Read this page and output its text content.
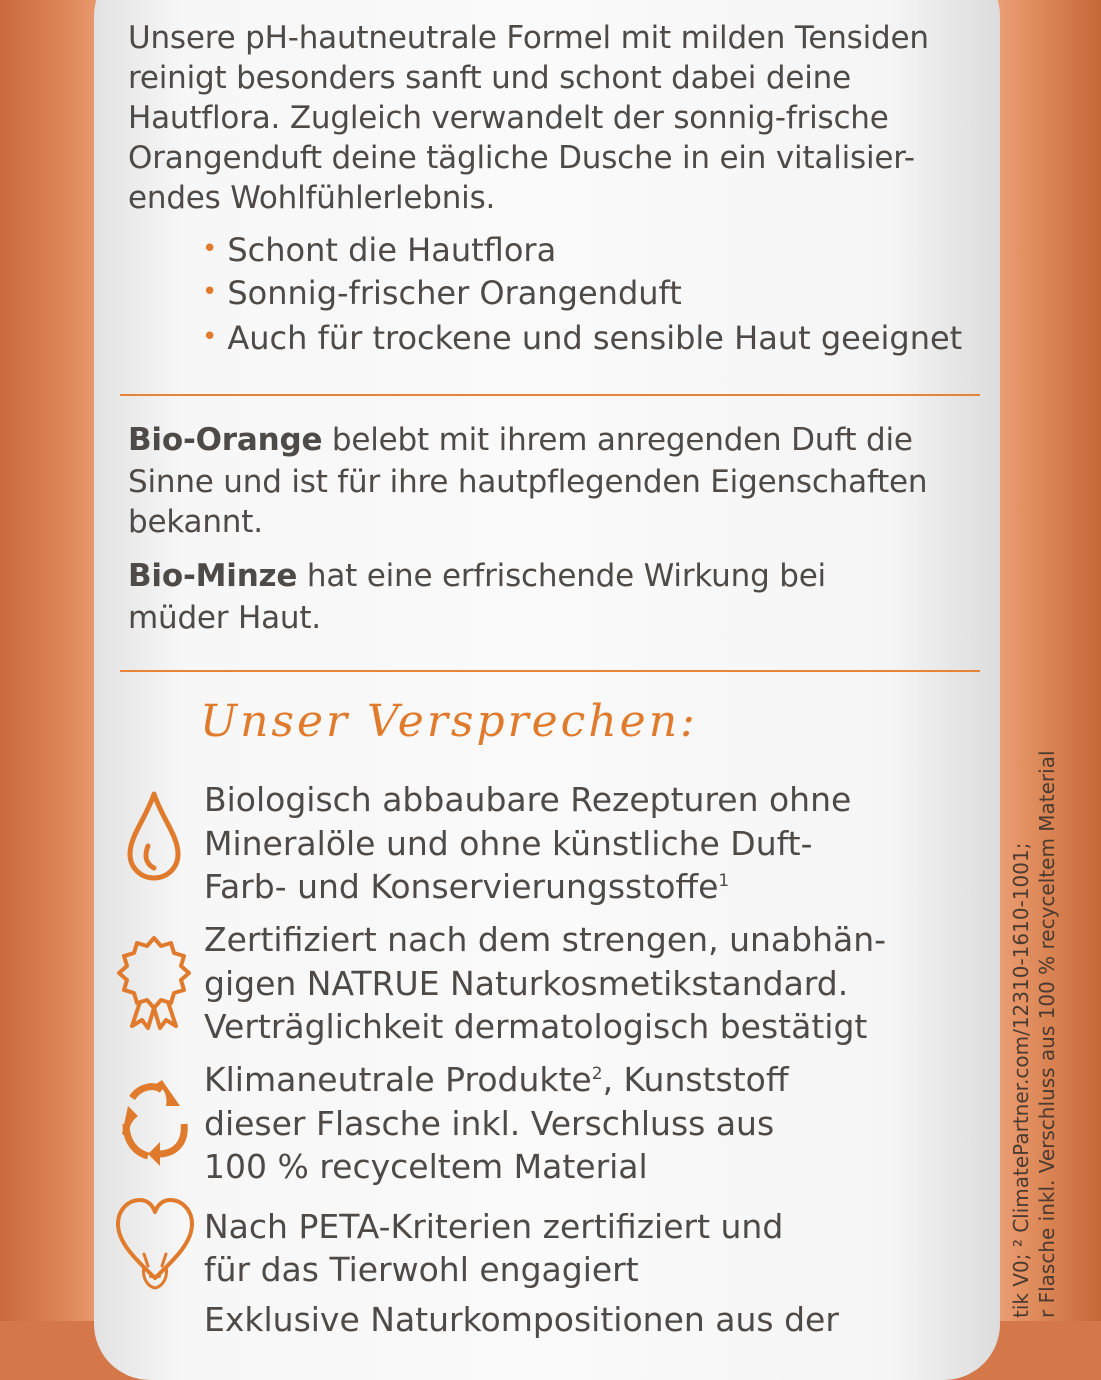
Unsere pH-hautneutrale Formel mit milden Tensiden

reinigt besonders sanft und schont dabei deine

Hautflora. Zugleich verwandelt der sonnig-frische

Orangenduft deine tägliche Dusche in ein vitalisier-

endes Wohlfühlerlebnis.

• Schont die Hautflora

• Sonnig-frischer Orangenduft

• Auch für trockene und sensible Haut geeignet

Bio-Orange belebt mit ihrem anregenden Duft die

Sinne und ist für ihre hautpflegenden Eigenschaften

bekannt.

Bio-Minze hat eine erfrischende Wirkung bei

müder Haut.

Unser Versprechen:

Biologisch abbaubare Rezepturen ohne

Mineralöle und ohne künstliche Duft-

Farb- und Konservierungsstoffe$^1$

Zertifiziert nach dem strengen, unabhän-

gigen NATRUE Naturkosmetikstandard.

Verträglichkeit dermatologisch bestätigt

Klimaneutrale Produkte$^2$, Kunststoff

dieser Flasche inkl. Verschluss aus

100 % recyceltem Material

Nach PETA-Kriterien zertifiziert und

für das Tierwohl engagiert

Exklusive Naturkompositionen aus der

tik V0; ² ClimatePartner.com/12310-1610-1001; r Flasche inkl. Verschluss aus 100 % recyceltem Material
